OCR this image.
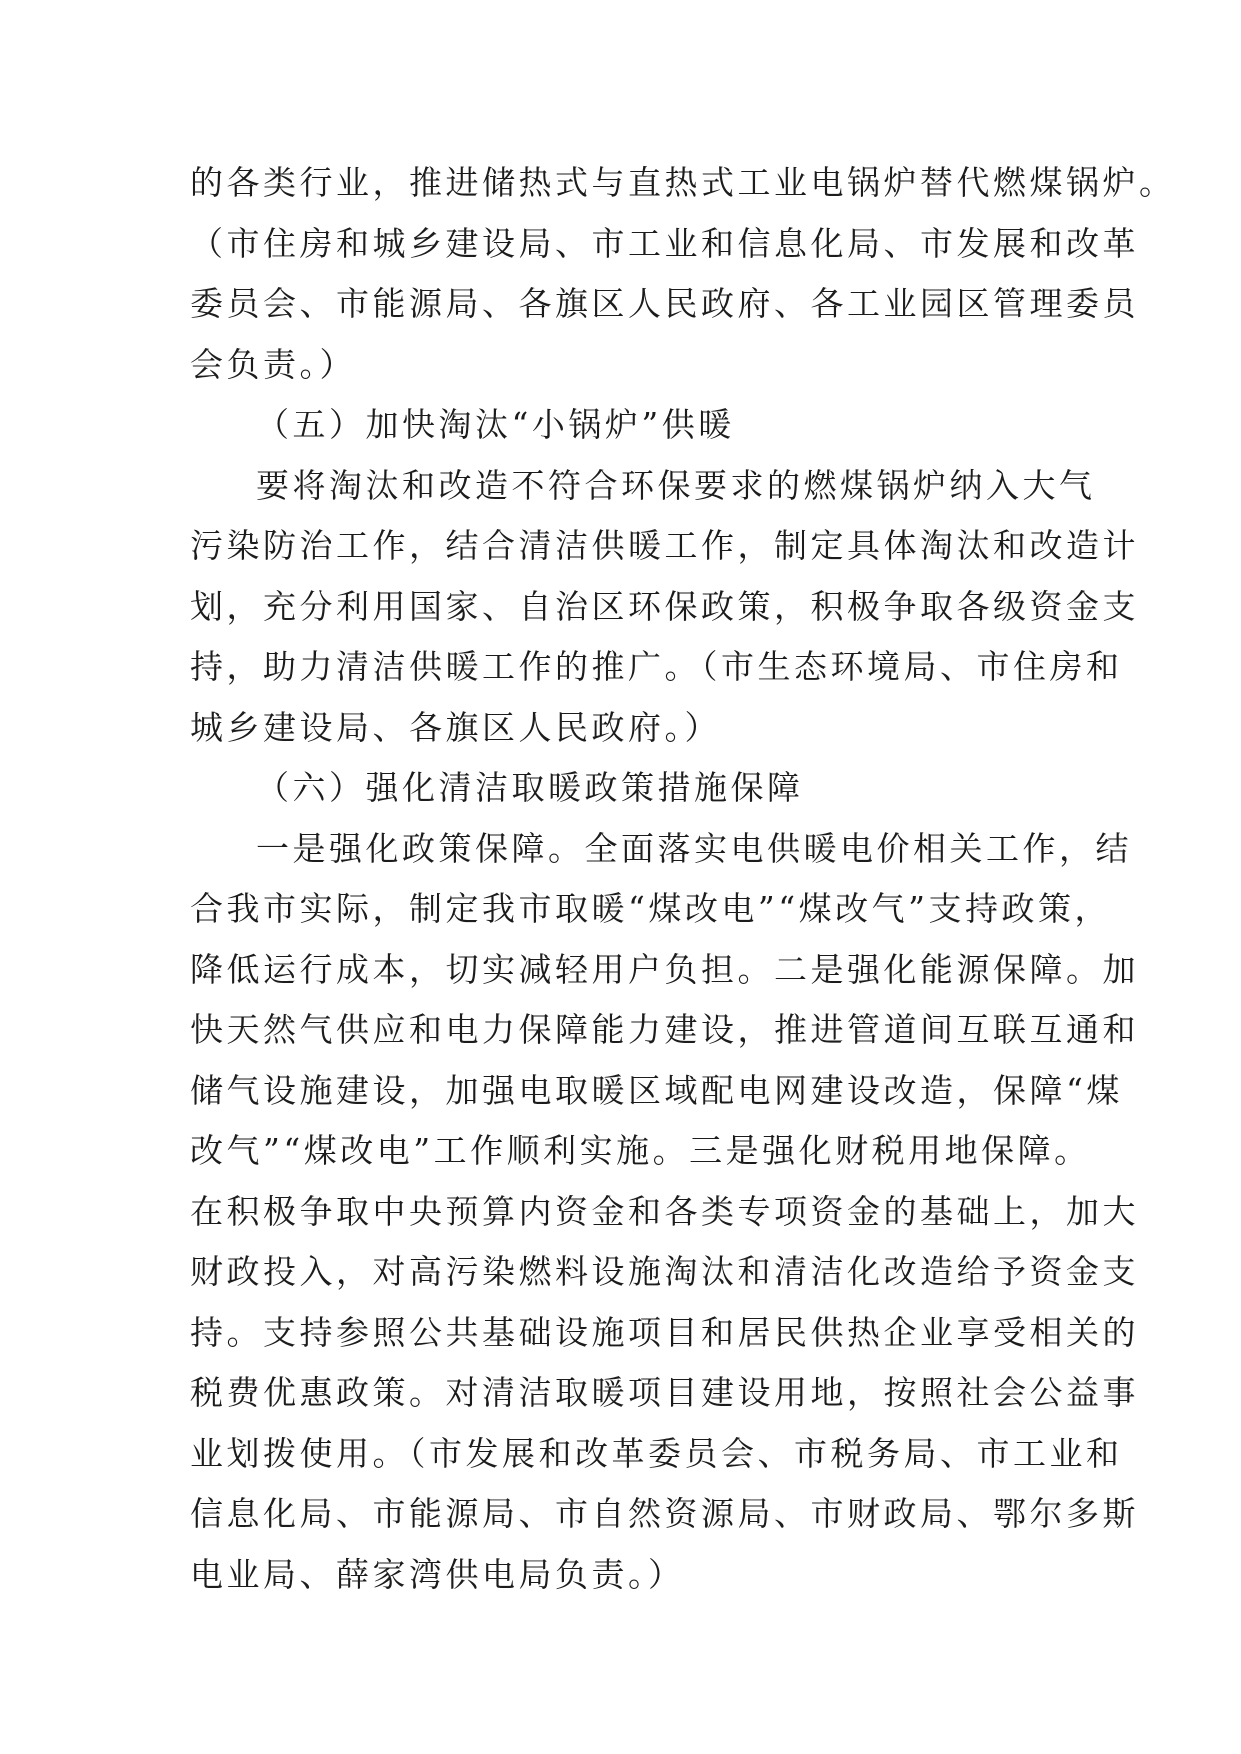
的各类行业，推进储热式与直热式工业电锅炉替代燃煤锅炉。
（市住房和城乡建设局、市工业和信息化局、市发展和改革
委员会、市能源局、各旗区人民政府、各工业园区管理委员
会负责。）
（五）加快淘汰“小锅炉”供暖
要将淘汰和改造不符合环保要求的燃煤锅炉纳入大气
污染防治工作，结合清洁供暖工作，制定具体淘汰和改造计
划，充分利用国家、自治区环保政策，积极争取各级资金支
持，助力清洁供暖工作的推广。（市生态环境局、市住房和
城乡建设局、各旗区人民政府。）
（六）强化清洁取暖政策措施保障
一是强化政策保障。全面落实电供暖电价相关工作，结
合我市实际，制定我市取暖“煤改电”“煤改气”支持政策，
降低运行成本，切实减轻用户负担。二是强化能源保障。加
快天然气供应和电力保障能力建设，推进管道间互联互通和
储气设施建设，加强电取暖区域配电网建设改造，保障“煤
改气”“煤改电”工作顺利实施。三是强化财税用地保障。
在积极争取中央预算内资金和各类专项资金的基础上，加大
财政投入，对高污染燃料设施淘汰和清洁化改造给予资金支
持。支持参照公共基础设施项目和居民供热企业享受相关的
税费优惠政策。对清洁取暖项目建设用地，按照社会公益事
业划拨使用。（市发展和改革委员会、市税务局、市工业和
信息化局、市能源局、市自然资源局、市财政局、鄂尔多斯
电业局、薛家湾供电局负责。）
